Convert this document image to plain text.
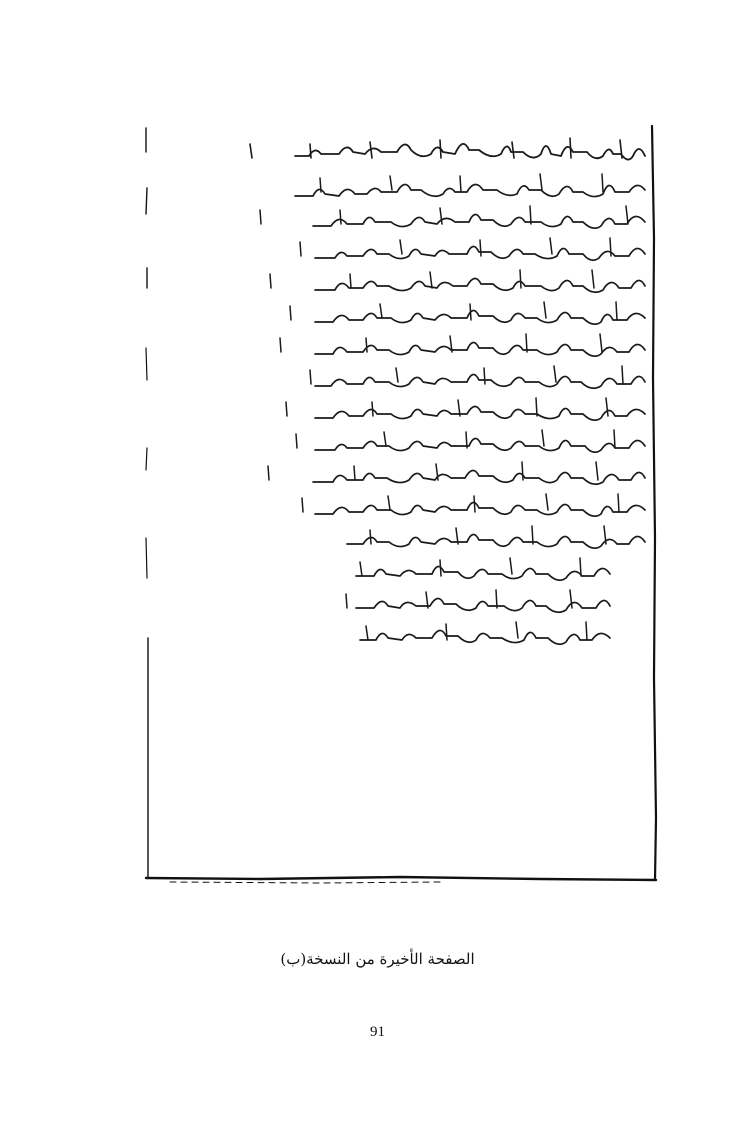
الصفحة الأخيرة من النسخة(ب)
91
